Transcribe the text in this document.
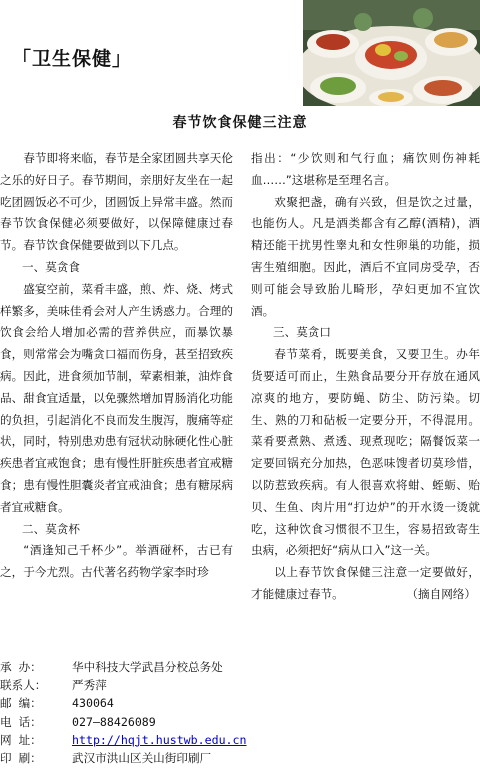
「卫生保健」
春节饮食保健三注意

春节即将来临，春节是全家团圆共享天伦之乐的好日子。春节期间，亲朋好友坐在一起吃团圆饭必不可少，团圆饭上异常丰盛。然而春节饮食保健必须要做好，以保障健康过春节。春节饮食保健要做到以下几点。

一、莫贪食

盛宴空前，菜肴丰盛，煎、炸、烧、烤式样繁多，美味佳肴会对人产生诱惑力。合理的饮食会给人增加必需的营养供应，而暴饮暴食，则常常会为嘴贪口福而伤身，甚至招致疾病。因此，进食须加节制，荤素相兼，油炸食品、甜食宜适量，以免骤然增加胃肠消化功能的负担，引起消化不良而发生腹泻，腹痛等症状，同时，特别患劝患有冠状动脉硬化性心脏疾患者宜戒饱食；患有慢性肝脏疾患者宜戒糖食；患有慢性胆囊炎者宜戒油食；患有糖尿病者宜戒糖食。

二、莫贪杯

“酒逢知己千杯少”。举酒碰杯，古已有之，于今尤烈。古代著名药物学家李时珍

指出：“少饮则和气行血；痛饮则伤神耗血……”这堪称是至理名言。

欢聚把盏，确有兴致，但是饮之过量，也能伤人。凡是酒类都含有乙醇(酒精)，酒精还能干扰男性睾丸和女性卵巢的功能，损害生殖细胞。因此，酒后不宜同房受孕，否则可能会导致胎儿畸形，孕妇更加不宜饮酒。

三、莫贪口

春节菜肴，既要美食，又要卫生。办年货要适可而止，生熟食品要分开存放在通风凉爽的地方，要防蝇、防尘、防污染。切生、熟的刀和砧板一定要分开，不得混用。菜肴要煮熟、煮透、现煮现吃；隔餐饭菜一定要回锅充分加热，色恶味馊者切莫珍惜，以防惹致疾病。有人很喜欢将蚶、蛭蛎、贻贝、生鱼、肉片用“打边炉”的开水烫一烫就吃，这种饮食习惯很不卫生，容易招致寄生虫病，必须把好“病从口入”这一关。

以上春节饮食保健三注意一定要做好，才能健康过春节。	（摘自网络）

承 办：	华中科技大学武昌分校总务处
联系人： 严秀萍
邮 编：	430064
电 话：	027—88426089
网 址：	http://hqjt.hustwb.edu.cn
印 刷：	武汉市洪山区关山街印刷厂
